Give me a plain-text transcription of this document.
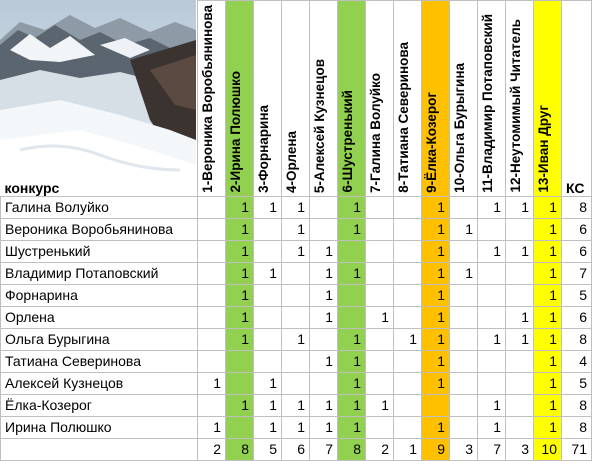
конкурс	1-Вероника Воробьянинова	2-Ирина Полюшко	3-Форнарина	4-Орлена	5-Алексей Кузнецов	6-Шустренький	7-Галина Волуйко	8-Татиана Северинова	9-Ёлка-Козерог	10-Ольга Бурыгина	11-Владимир Потаповский	12-Неутомимый Читатель	13-Иван Друг	КС
Галина Волуйко		1	1	1		1			1		1	1	1	8
Вероника Воробьянинова		1		1		1			1	1			1	6
Шустренький		1		1	1				1		1	1	1	6
Владимир Потаповский		1	1		1	1			1	1			1	7
Форнарина		1			1				1				1	5
Орлена		1			1		1		1			1	1	6
Ольга Бурыгина		1		1		1		1	1		1	1	1	8
Татиана Северинова					1	1			1				1	4
Алексей Кузнецов	1		1			1			1				1	5
Ёлка-Козерог		1	1	1	1	1	1				1		1	8
Ирина Полюшко	1		1	1	1	1			1		1		1	8
	2	8	5	6	7	8	2	1	9	3	7	3	10	71
